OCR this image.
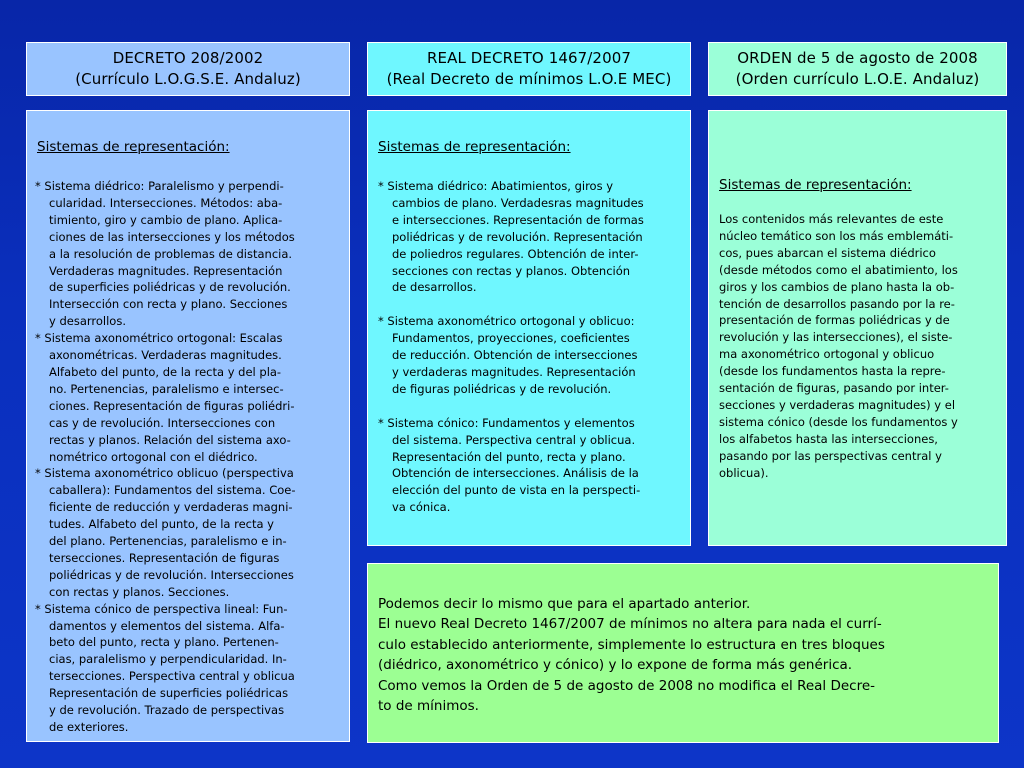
DECRETO 208/2002
(Currículo L.O.G.S.E. Andaluz)
REAL DECRETO 1467/2007
(Real Decreto de mínimos L.O.E MEC)
ORDEN de 5 de agosto de 2008
(Orden currículo L.O.E. Andaluz)
Sistemas de representación:
* Sistema diédrico: Paralelismo y perpendi-
cularidad. Intersecciones. Métodos: aba-
timiento, giro y cambio de plano. Aplica-
ciones de las intersecciones y los métodos
a la resolución de problemas de distancia.
Verdaderas magnitudes. Representación
de superficies poliédricas y de revolución.
Intersección con recta y plano. Secciones
y desarrollos.
* Sistema axonométrico ortogonal: Escalas
axonométricas. Verdaderas magnitudes.
Alfabeto del punto, de la recta y del pla-
no. Pertenencias, paralelismo e intersec-
ciones. Representación de figuras poliédri-
cas y de revolución. Intersecciones con
rectas y planos. Relación del sistema axo-
nométrico ortogonal con el diédrico.
* Sistema axonométrico oblicuo (perspectiva
caballera): Fundamentos del sistema. Coe-
ficiente de reducción y verdaderas magni-
tudes. Alfabeto del punto, de la recta y
del plano. Pertenencias, paralelismo e in-
tersecciones. Representación de figuras
poliédricas y de revolución. Intersecciones
con rectas y planos. Secciones.
* Sistema cónico de perspectiva lineal: Fun-
damentos y elementos del sistema. Alfa-
beto del punto, recta y plano. Pertenen-
cias, paralelismo y perpendicularidad. In-
tersecciones. Perspectiva central y oblicua
Representación de superficies poliédricas
y de revolución. Trazado de perspectivas
de exteriores.
Sistemas de representación:
* Sistema diédrico: Abatimientos, giros y
cambios de plano. Verdadesras magnitudes
e intersecciones. Representación de formas
poliédricas y de revolución. Representación
de poliedros regulares. Obtención de inter-
secciones con rectas y planos. Obtención
de desarrollos.

* Sistema axonométrico ortogonal y oblicuo:
Fundamentos, proyecciones, coeficientes
de reducción. Obtención de intersecciones
y verdaderas magnitudes. Representación
de figuras poliédricas y de revolución.

* Sistema cónico: Fundamentos y elementos
del sistema. Perspectiva central y oblicua.
Representación del punto, recta y plano.
Obtención de intersecciones. Análisis de la
elección del punto de vista en la perspecti-
va cónica.
Sistemas de representación:
Los contenidos más relevantes de este
núcleo temático son los más emblemáti-
cos, pues abarcan el sistema diédrico
(desde métodos como el abatimiento, los
giros y los cambios de plano hasta la ob-
tención de desarrollos pasando por la re-
presentación de formas poliédricas y de
revolución y las intersecciones), el siste-
ma axonométrico ortogonal y oblicuo
(desde los fundamentos hasta la repre-
sentación de figuras, pasando por inter-
secciones y verdaderas magnitudes) y el
sistema cónico (desde los fundamentos y
los alfabetos hasta las intersecciones,
pasando por las perspectivas central y
oblicua).
Podemos decir lo mismo que para el apartado anterior.
El nuevo Real Decreto 1467/2007 de mínimos no altera para nada el currí-
culo establecido anteriormente, simplemente lo estructura en tres bloques
(diédrico, axonométrico y cónico) y lo expone de forma más genérica.
Como vemos la Orden de 5 de agosto de 2008 no modifica el Real Decre-
to de mínimos.
